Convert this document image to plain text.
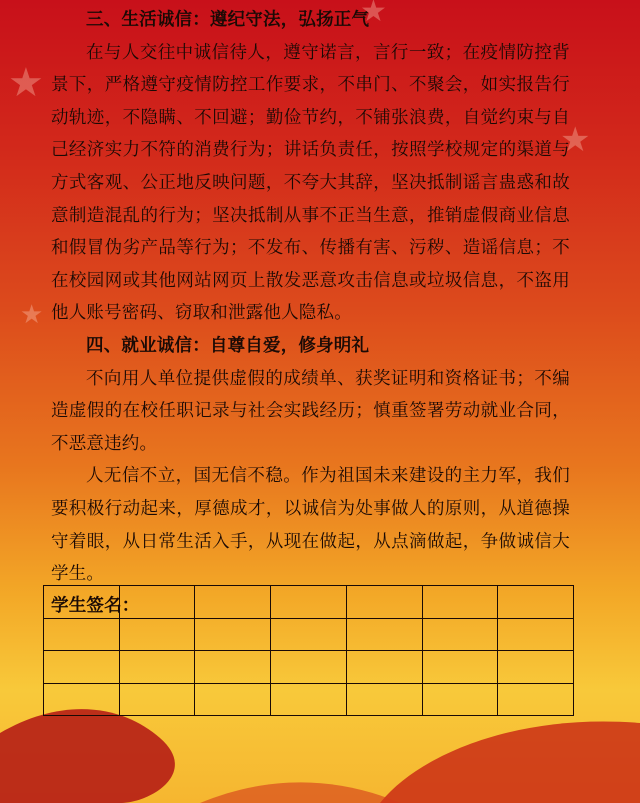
★
★
★
★

三、生活诚信：遵纪守法，弘扬正气

在与人交往中诚信待人，遵守诺言，言行一致；在疫情防控背景下，严格遵守疫情防控工作要求，不串门、不聚会，如实报告行动轨迹，不隐瞒、不回避；勤俭节约，不铺张浪费，自觉约束与自己经济实力不符的消费行为；讲话负责任，按照学校规定的渠道与方式客观、公正地反映问题，不夸大其辞，坚决抵制谣言蛊惑和故意制造混乱的行为；坚决抵制从事不正当生意，推销虚假商业信息和假冒伪劣产品等行为；不发布、传播有害、污秽、造谣信息；不在校园网或其他网站网页上散发恶意攻击信息或垃圾信息，不盗用他人账号密码、窃取和泄露他人隐私。

四、就业诚信：自尊自爱，修身明礼

不向用人单位提供虚假的成绩单、获奖证明和资格证书；不编造虚假的在校任职记录与社会实践经历；慎重签署劳动就业合同，不恶意违约。

人无信不立，国无信不稳。作为祖国未来建设的主力军，我们要积极行动起来，厚德成才，以诚信为处事做人的原则，从道德操守着眼，从日常生活入手，从现在做起，从点滴做起，争做诚信大学生。

学生签名：
